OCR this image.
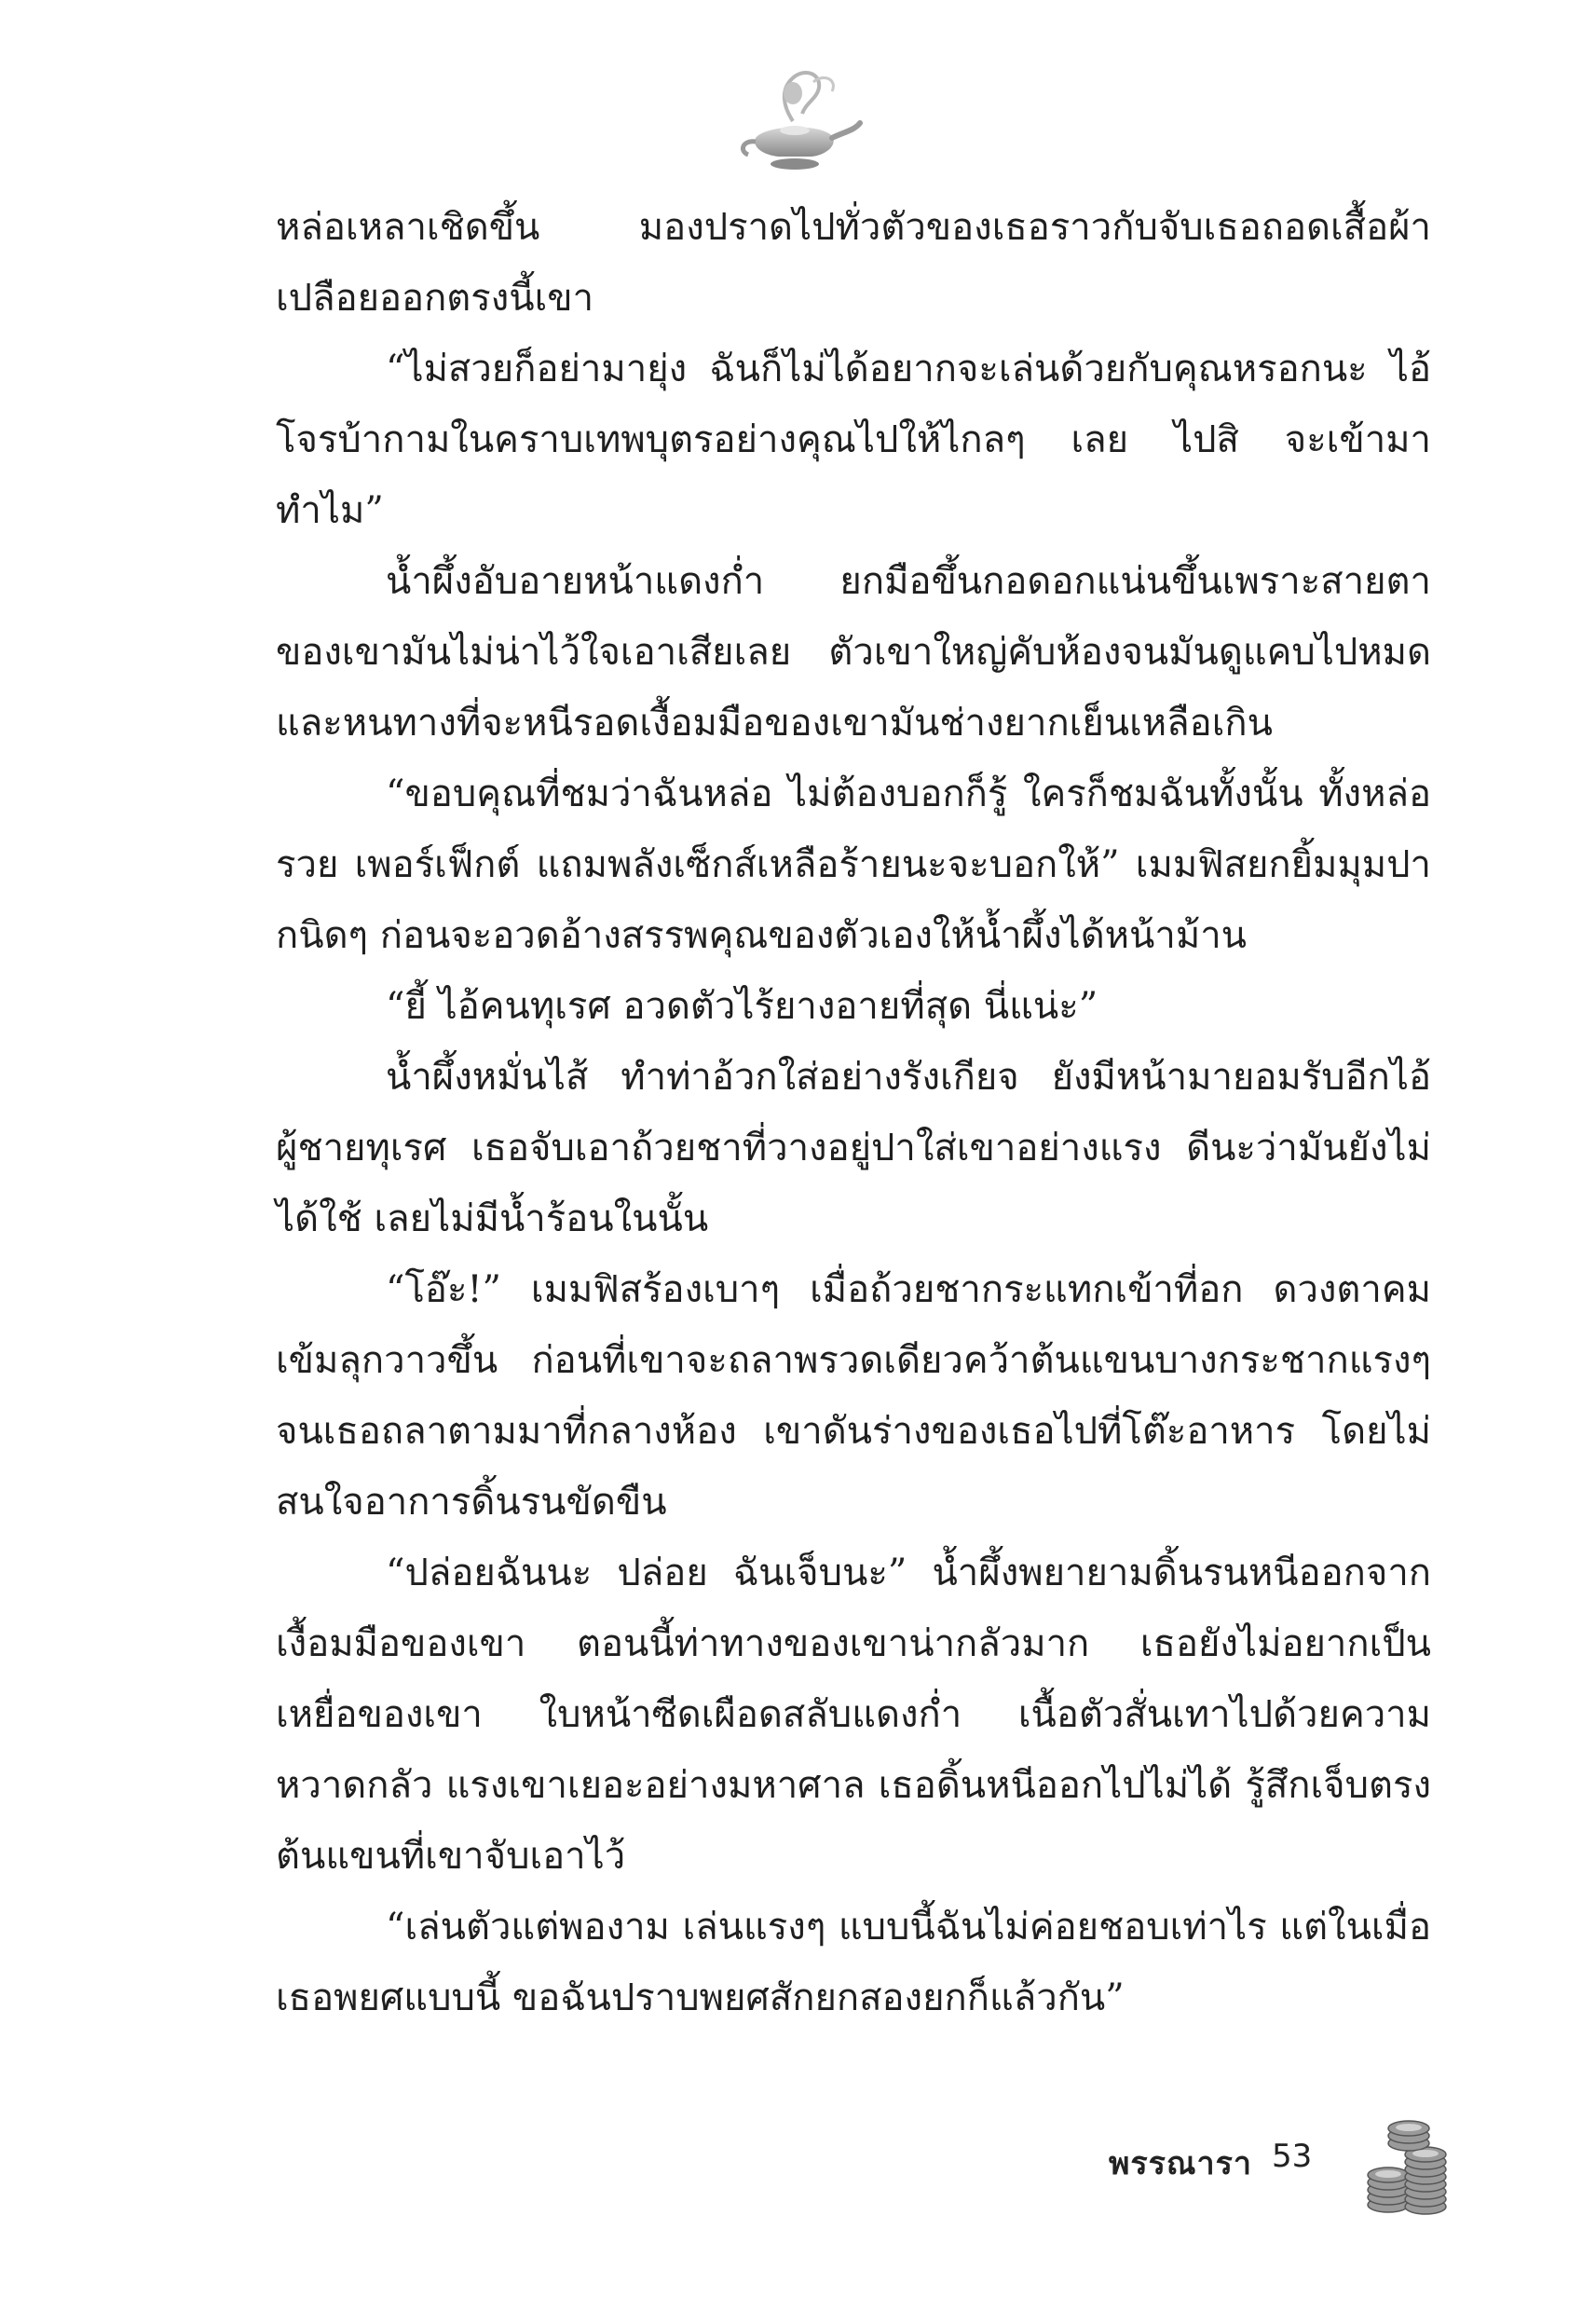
หล่อเหลาเชิดขึ้น มองปราดไปทั่วตัวของเธอราวกับจับเธอถอดเสื้อผ้าเปลือยออกตรงนี้เขา

“ไม่สวยก็อย่ามายุ่ง ฉันก็ไม่ได้อยากจะเล่นด้วยกับคุณหรอกนะ ไอ้โจรบ้ากามในคราบเทพบุตรอย่างคุณไปให้ไกลๆ เลย ไปสิ จะเข้ามาทำไม”

น้ำผึ้งอับอายหน้าแดงก่ำ ยกมือขึ้นกอดอกแน่นขึ้นเพราะสายตาของเขามันไม่น่าไว้ใจเอาเสียเลย ตัวเขาใหญ่คับห้องจนมันดูแคบไปหมด และหนทางที่จะหนีรอดเงื้อมมือของเขามันช่างยากเย็นเหลือเกิน

“ขอบคุณที่ชมว่าฉันหล่อ ไม่ต้องบอกก็รู้ ใครก็ชมฉันทั้งนั้น ทั้งหล่อรวย เพอร์เฟ็กต์ แถมพลังเซ็กส์เหลือร้ายนะจะบอกให้” เมมฟิสยกยิ้มมุมปากนิดๆ ก่อนจะอวดอ้างสรรพคุณของตัวเองให้น้ำผึ้งได้หน้าม้าน

“ยี้ ไอ้คนทุเรศ อวดตัวไร้ยางอายที่สุด นี่แน่ะ”

น้ำผึ้งหมั่นไส้ ทำท่าอ้วกใส่อย่างรังเกียจ ยังมีหน้ามายอมรับอีกไอ้ผู้ชายทุเรศ เธอจับเอาถ้วยชาที่วางอยู่ปาใส่เขาอย่างแรง ดีนะว่ามันยังไม่ได้ใช้ เลยไม่มีน้ำร้อนในนั้น

“โอ๊ะ!” เมมฟิสร้องเบาๆ เมื่อถ้วยชากระแทกเข้าที่อก ดวงตาคมเข้มลุกวาวขึ้น ก่อนที่เขาจะถลาพรวดเดียวคว้าต้นแขนบางกระชากแรงๆ จนเธอถลาตามมาที่กลางห้อง เขาดันร่างของเธอไปที่โต๊ะอาหาร โดยไม่สนใจอาการดิ้นรนขัดขืน

“ปล่อยฉันนะ ปล่อย ฉันเจ็บนะ” น้ำผึ้งพยายามดิ้นรนหนีออกจากเงื้อมมือของเขา ตอนนี้ท่าทางของเขาน่ากลัวมาก เธอยังไม่อยากเป็นเหยื่อของเขา ใบหน้าซีดเผือดสลับแดงก่ำ เนื้อตัวสั่นเทาไปด้วยความหวาดกลัว แรงเขาเยอะอย่างมหาศาล เธอดิ้นหนีออกไปไม่ได้ รู้สึกเจ็บตรงต้นแขนที่เขาจับเอาไว้

“เล่นตัวแต่พองาม เล่นแรงๆ แบบนี้ฉันไม่ค่อยชอบเท่าไร แต่ในเมื่อเธอพยศแบบนี้ ขอฉันปราบพยศสักยกสองยกก็แล้วกัน”

พรรณารา 53
